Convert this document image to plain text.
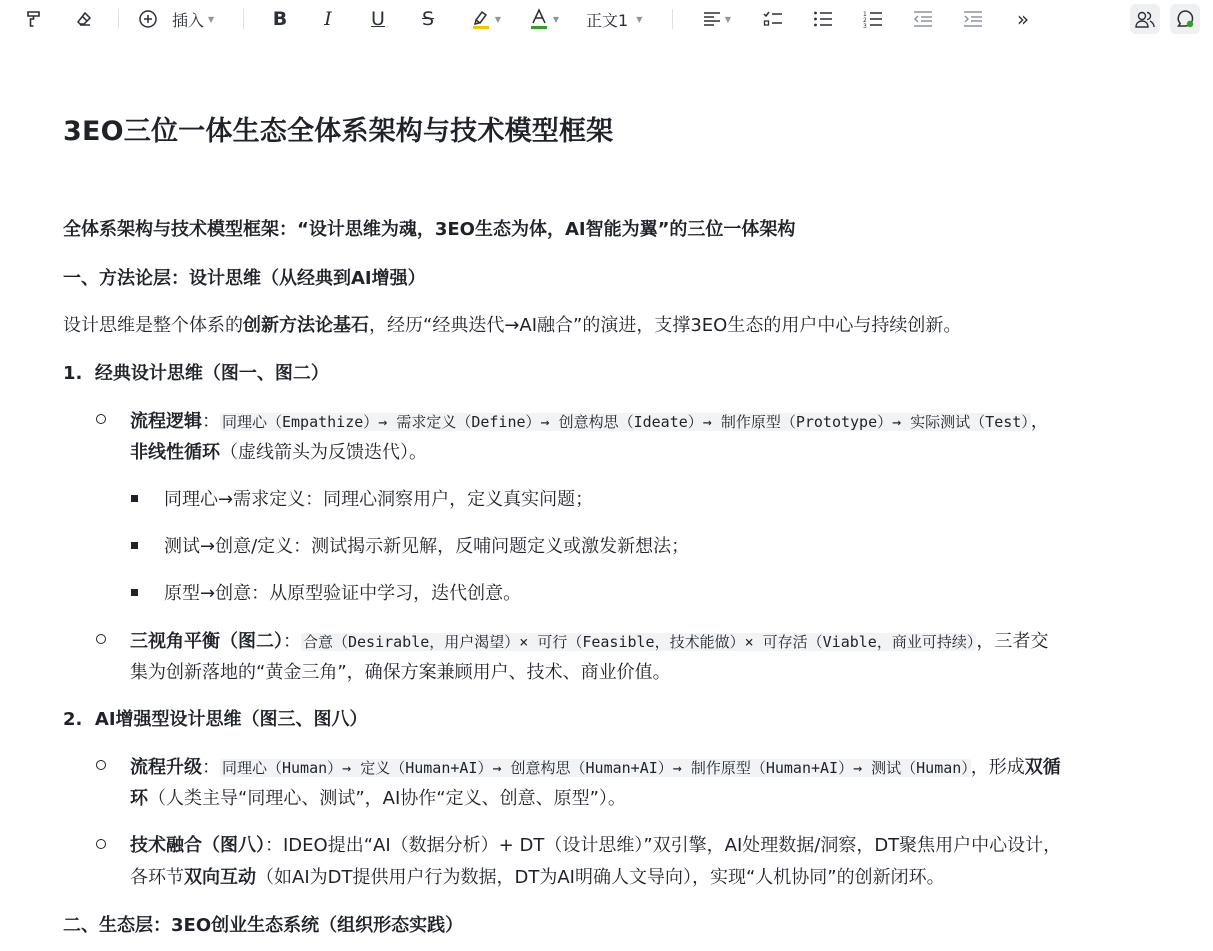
插入 ▼	B	I	U	S	▼	▼ 正文1 ▼	▼	1
2
3	»
3EO三位一体生态全体系架构与技术模型框架
全体系架构与技术模型框架：“设计思维为魂，3EO生态为体，AI智能为翼”的三位一体架构
一、方法论层：设计思维（从经典到AI增强）
设计思维是整个体系的创新方法论基石，经历“经典迭代→AI融合”的演进，支撑3EO生态的用户中心与持续创新。
1. 经典设计思维（图一、图二）
流程逻辑： 同理心（Empathize）→ 需求定义（Define）→ 创意构思（Ideate）→ 制作原型（Prototype）→ 实际测试（Test） ，
非线性循环（虚线箭头为反馈迭代）。
同理心→需求定义：同理心洞察用户，定义真实问题；
测试→创意/定义：测试揭示新见解，反哺问题定义或激发新想法；
原型→创意：从原型验证中学习，迭代创意。
三视角平衡（图二）： 合意（Desirable，用户渴望）× 可行（Feasible，技术能做）× 可存活（Viable，商业可持续） ，三者交
集为创新落地的“黄金三角”，确保方案兼顾用户、技术、商业价值。
2. AI增强型设计思维（图三、图八）
流程升级： 同理心（Human）→ 定义（Human+AI）→ 创意构思（Human+AI）→ 制作原型（Human+AI）→ 测试（Human） ，形成双循
环（人类主导“同理心、测试”，AI协作“定义、创意、原型”）。
技术融合（图八）：IDEO提出“AI（数据分析）+ DT（设计思维）”双引擎，AI处理数据/洞察，DT聚焦用户中心设计，
各环节双向互动（如AI为DT提供用户行为数据，DT为AI明确人文导向），实现“人机协同”的创新闭环。
二、生态层：3EO创业生态系统（组织形态实践）
